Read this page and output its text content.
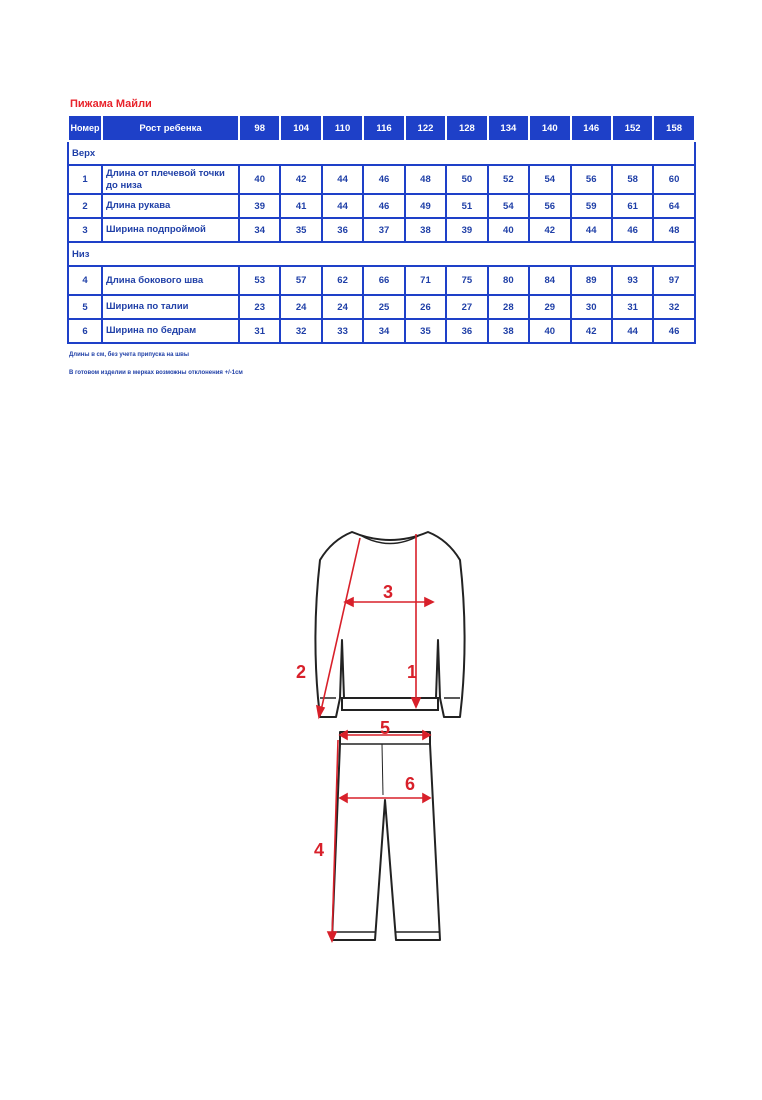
Пижама Майли
Номер	Рост ребенка	98	104	110	116	122	128	134	140	146	152	158
Верх												
1	Длина от плечевой точки до низа	40	42	44	46	48	50	52	54	56	58	60
2	Длина рукава	39	41	44	46	49	51	54	56	59	61	64
3	Ширина подпроймой	34	35	36	37	38	39	40	42	44	46	48
Низ												
4	Длина бокового шва	53	57	62	66	71	75	80	84	89	93	97
5	Ширина по талии	23	24	24	25	26	27	28	29	30	31	32
6	Ширина по бедрам	31	32	33	34	35	36	38	40	42	44	46
Длины в см, без учета припуска на швы
В готовом изделии в мерках возможны отклонения +/-1см
1
2
3
4
5
6
